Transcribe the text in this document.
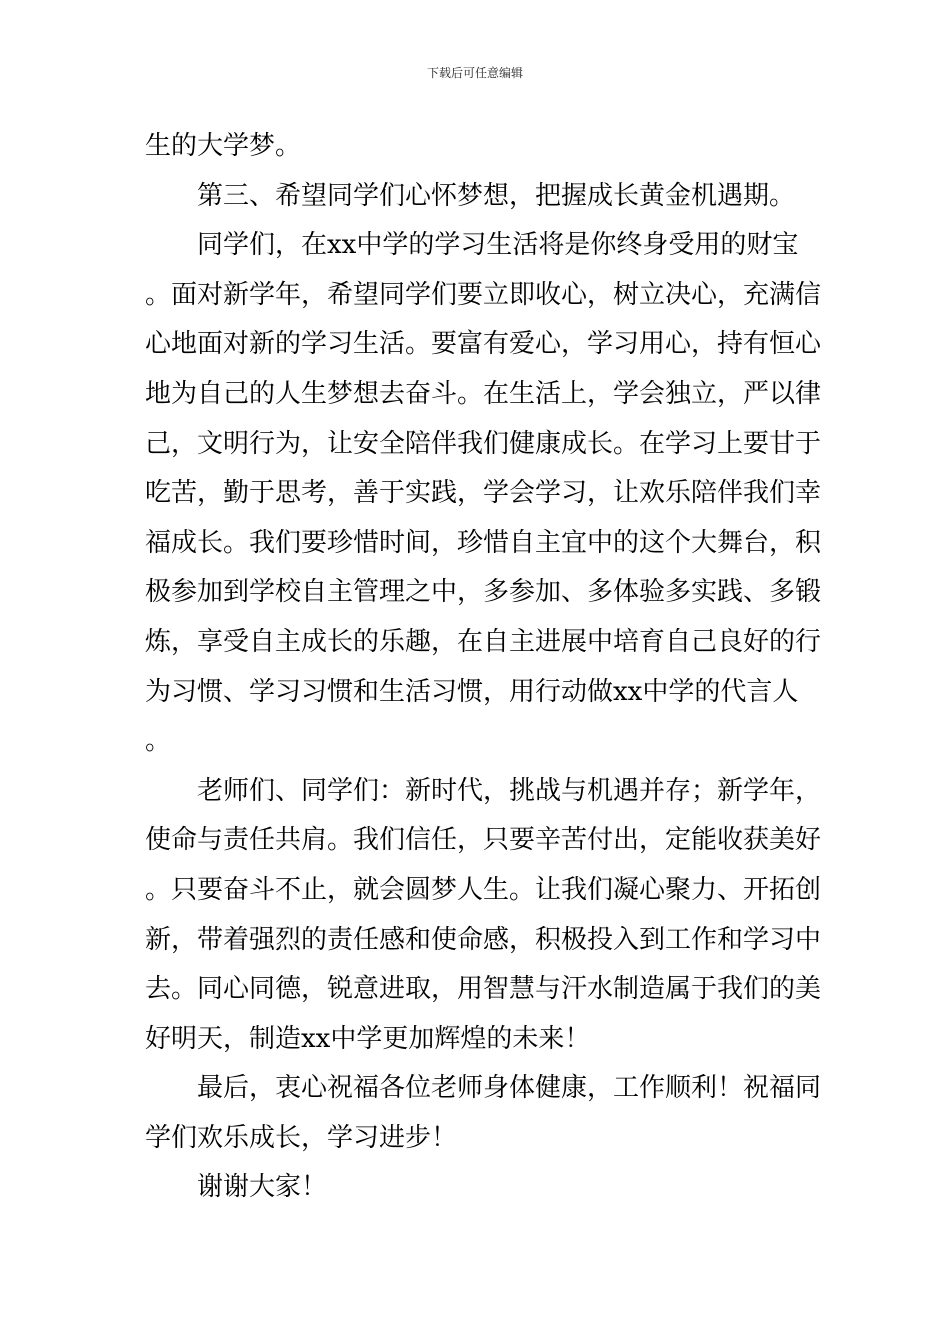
下载后可任意编辑

生的大学梦。

第三、希望同学们心怀梦想，把握成长黄金机遇期。

同学们，在xx中学的学习生活将是你终身受用的财宝。面对新学年，希望同学们要立即收心，树立决心，充满信心地面对新的学习生活。要富有爱心，学习用心，持有恒心地为自己的人生梦想去奋斗。在生活上，学会独立，严以律己，文明行为，让安全陪伴我们健康成长。在学习上要甘于吃苦，勤于思考，善于实践，学会学习，让欢乐陪伴我们幸福成长。我们要珍惜时间，珍惜自主宜中的这个大舞台，积极参加到学校自主管理之中，多参加、多体验多实践、多锻炼，享受自主成长的乐趣，在自主进展中培育自己良好的行为习惯、学习习惯和生活习惯，用行动做xx中学的代言人。

老师们、同学们：新时代，挑战与机遇并存；新学年，使命与责任共肩。我们信任，只要辛苦付出，定能收获美好。只要奋斗不止，就会圆梦人生。让我们凝心聚力、开拓创新，带着强烈的责任感和使命感，积极投入到工作和学习中去。同心同德，锐意进取，用智慧与汗水制造属于我们的美好明天，制造xx中学更加辉煌的未来！

最后，衷心祝福各位老师身体健康，工作顺利！祝福同学们欢乐成长，学习进步！

谢谢大家！
